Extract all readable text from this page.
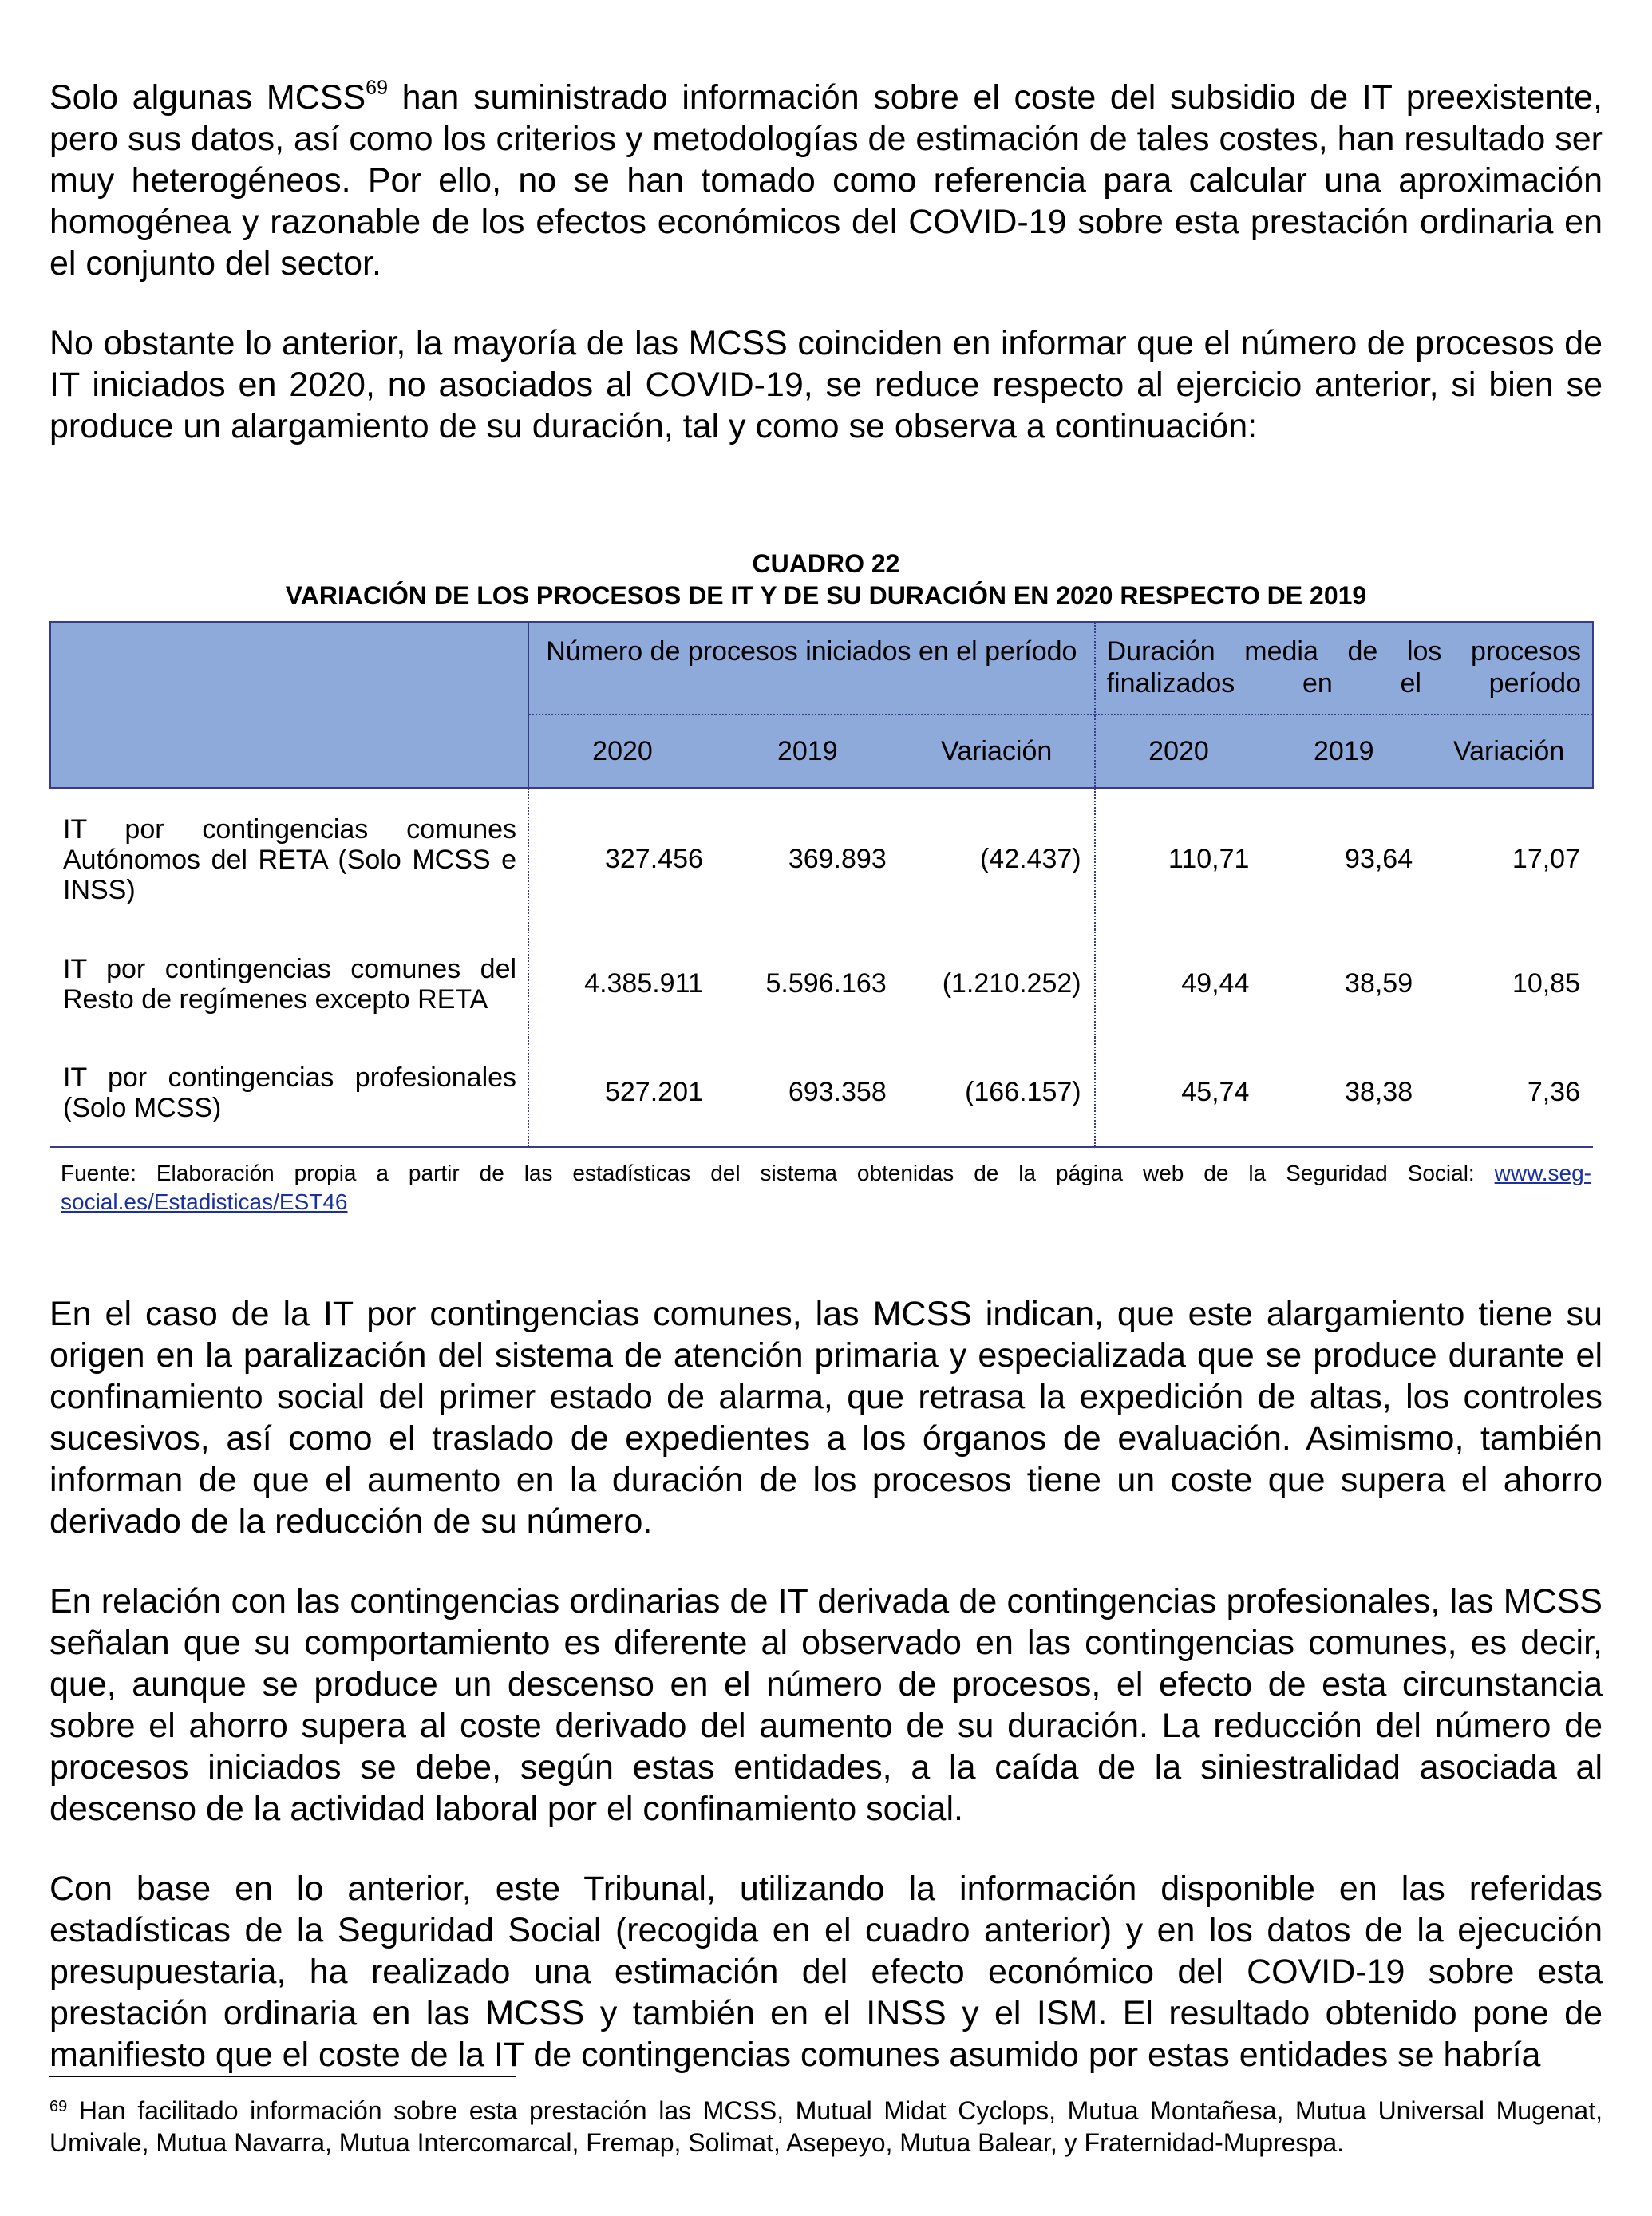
Solo algunas MCSS$^{69}$ han suministrado información sobre el coste del subsidio de IT preexistente, pero sus datos, así como los criterios y metodologías de estimación de tales costes, han resultado ser muy heterogéneos. Por ello, no se han tomado como referencia para calcular una aproximación homogénea y razonable de los efectos económicos del COVID-19 sobre esta prestación ordinaria en el conjunto del sector.

No obstante lo anterior, la mayoría de las MCSS coinciden en informar que el número de procesos de IT iniciados en 2020, no asociados al COVID-19, se reduce respecto al ejercicio anterior, si bien se produce un alargamiento de su duración, tal y como se observa a continuación:

CUADRO 22
VARIACIÓN DE LOS PROCESOS DE IT Y DE SU DURACIÓN EN 2020 RESPECTO DE 2019
	Número de procesos iniciados en el período			Duración media de los procesos finalizados en el período		
	2020	2019	Variación	2020	2019	Variación
IT por contingencias comunes Autónomos del RETA (Solo MCSS e INSS)	327.456	369.893	(42.437)	110,71	93,64	17,07
IT por contingencias comunes del Resto de regímenes excepto RETA	4.385.911	5.596.163	(1.210.252)	49,44	38,59	10,85
IT por contingencias profesionales (Solo MCSS)	527.201	693.358	(166.157)	45,74	38,38	7,36

Fuente: Elaboración propia a partir de las estadísticas del sistema obtenidas de la página web de la Seguridad Social: www.seg-social.es/Estadisticas/EST46

En el caso de la IT por contingencias comunes, las MCSS indican, que este alargamiento tiene su origen en la paralización del sistema de atención primaria y especializada que se produce durante el confinamiento social del primer estado de alarma, que retrasa la expedición de altas, los controles sucesivos, así como el traslado de expedientes a los órganos de evaluación. Asimismo, también informan de que el aumento en la duración de los procesos tiene un coste que supera el ahorro derivado de la reducción de su número.

En relación con las contingencias ordinarias de IT derivada de contingencias profesionales, las MCSS señalan que su comportamiento es diferente al observado en las contingencias comunes, es decir, que, aunque se produce un descenso en el número de procesos, el efecto de esta circunstancia sobre el ahorro supera al coste derivado del aumento de su duración. La reducción del número de procesos iniciados se debe, según estas entidades, a la caída de la siniestralidad asociada al descenso de la actividad laboral por el confinamiento social.

Con base en lo anterior, este Tribunal, utilizando la información disponible en las referidas estadísticas de la Seguridad Social (recogida en el cuadro anterior) y en los datos de la ejecución presupuestaria, ha realizado una estimación del efecto económico del COVID-19 sobre esta prestación ordinaria en las MCSS y también en el INSS y el ISM. El resultado obtenido pone de manifiesto que el coste de la IT de contingencias comunes asumido por estas entidades se habría

$^{69}$ Han facilitado información sobre esta prestación las MCSS, Mutual Midat Cyclops, Mutua Montañesa, Mutua Universal Mugenat, Umivale, Mutua Navarra, Mutua Intercomarcal, Fremap, Solimat, Asepeyo, Mutua Balear, y Fraternidad-Muprespa.
